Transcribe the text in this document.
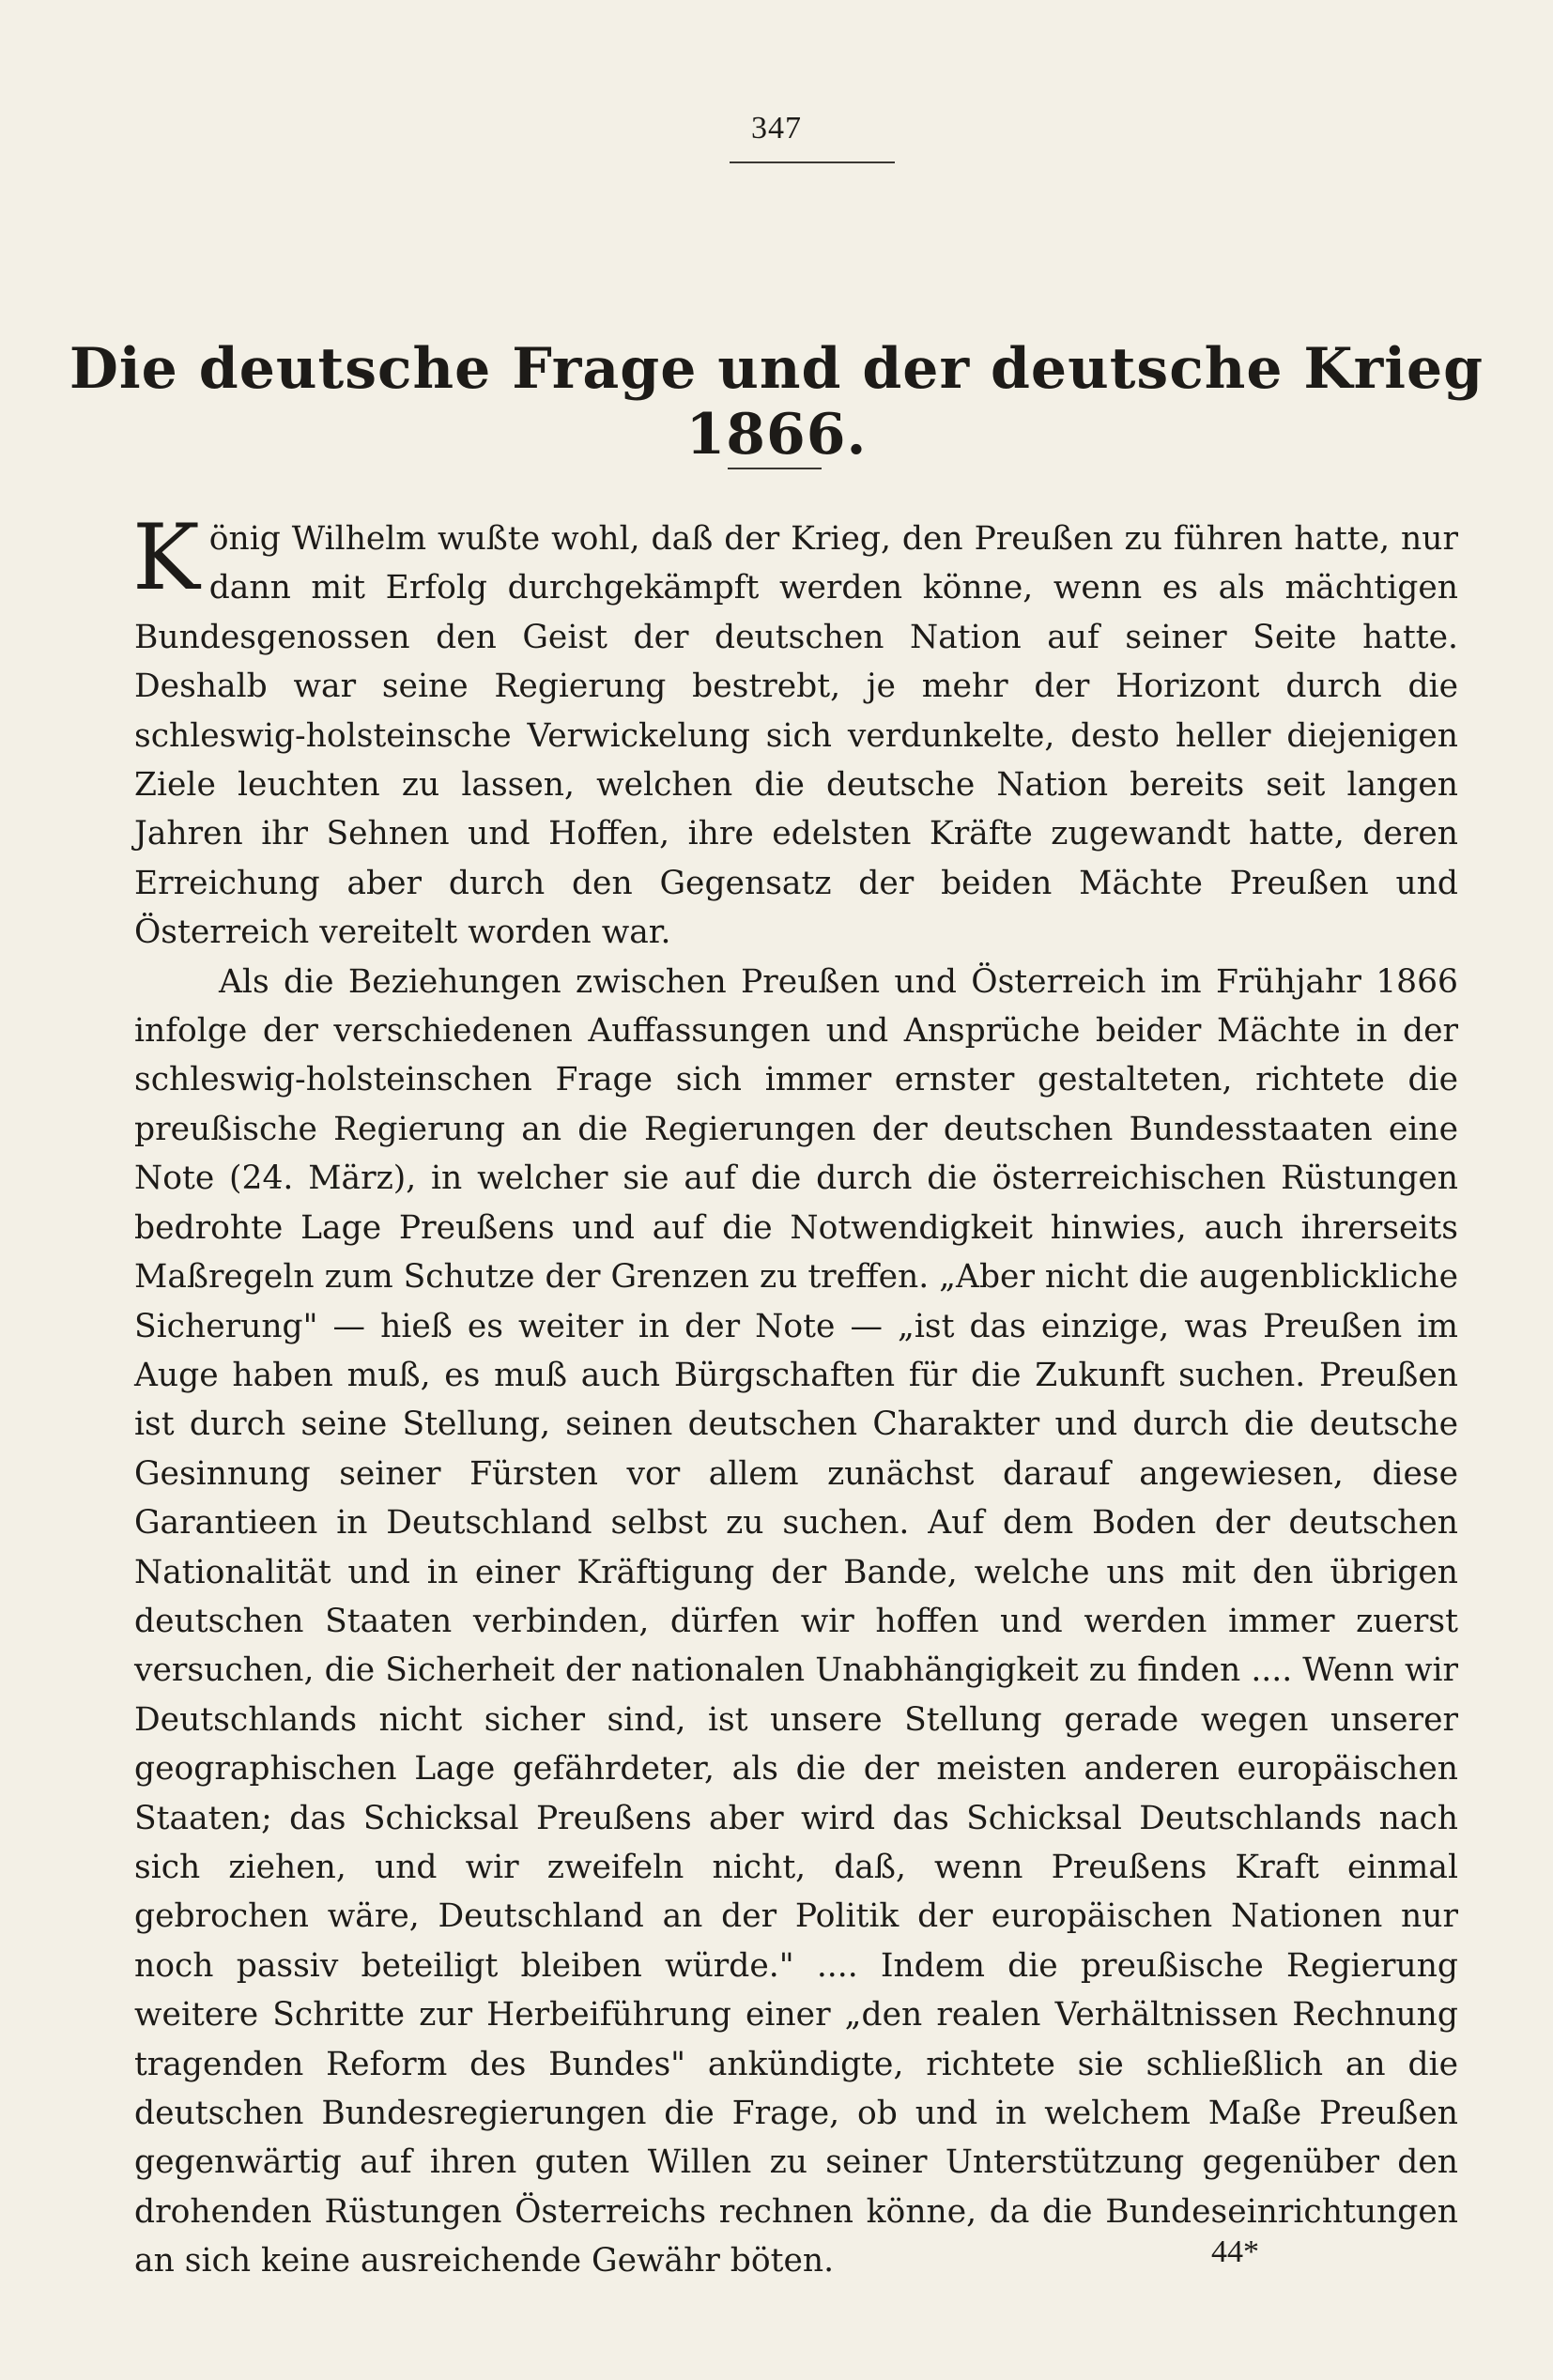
347
Die deutsche Frage und der deutsche Krieg 1866.

K önig Wilhelm wußte wohl, daß der Krieg, den Preußen zu führen hatte, nur dann mit Erfolg durchgekämpft werden könne, wenn es als mächtigen Bundesgenossen den Geist der deutschen Nation auf seiner Seite hatte. Deshalb war seine Regierung bestrebt, je mehr der Horizont durch die schleswig-holsteinsche Verwickelung sich verdunkelte, desto heller diejenigen Ziele leuchten zu lassen, welchen die deutsche Nation bereits seit langen Jahren ihr Sehnen und Hoffen, ihre edelsten Kräfte zugewandt hatte, deren Erreichung aber durch den Gegensatz der beiden Mächte Preußen und Österreich vereitelt worden war.

Als die Beziehungen zwischen Preußen und Österreich im Frühjahr 1866 infolge der verschiedenen Auffassungen und Ansprüche beider Mächte in der schleswig-holsteinschen Frage sich immer ernster gestalteten, richtete die preußische Regierung an die Regierungen der deutschen Bundesstaaten eine Note (24. März), in welcher sie auf die durch die österreichischen Rüstungen bedrohte Lage Preußens und auf die Notwendigkeit hinwies, auch ihrerseits Maßregeln zum Schutze der Grenzen zu treffen. „Aber nicht die augenblickliche Sicherung" — hieß es weiter in der Note — „ist das einzige, was Preußen im Auge haben muß, es muß auch Bürgschaften für die Zukunft suchen. Preußen ist durch seine Stellung, seinen deutschen Charakter und durch die deutsche Gesinnung seiner Fürsten vor allem zunächst darauf angewiesen, diese Garantieen in Deutschland selbst zu suchen. Auf dem Boden der deutschen Nationalität und in einer Kräftigung der Bande, welche uns mit den übrigen deutschen Staaten verbinden, dürfen wir hoffen und werden immer zuerst versuchen, die Sicherheit der nationalen Unabhängigkeit zu finden .... Wenn wir Deutschlands nicht sicher sind, ist unsere Stellung gerade wegen unserer geographischen Lage gefährdeter, als die der meisten anderen europäischen Staaten; das Schicksal Preußens aber wird das Schicksal Deutschlands nach sich ziehen, und wir zweifeln nicht, daß, wenn Preußens Kraft einmal gebrochen wäre, Deutschland an der Politik der europäischen Nationen nur noch passiv beteiligt bleiben würde." .... Indem die preußische Regierung weitere Schritte zur Herbeiführung einer „den realen Verhältnissen Rechnung tragenden Reform des Bundes" ankündigte, richtete sie schließlich an die deutschen Bundesregierungen die Frage, ob und in welchem Maße Preußen gegenwärtig auf ihren guten Willen zu seiner Unterstützung gegenüber den drohenden Rüstungen Österreichs rechnen könne, da die Bundeseinrichtungen an sich keine ausreichende Gewähr böten.	44*
